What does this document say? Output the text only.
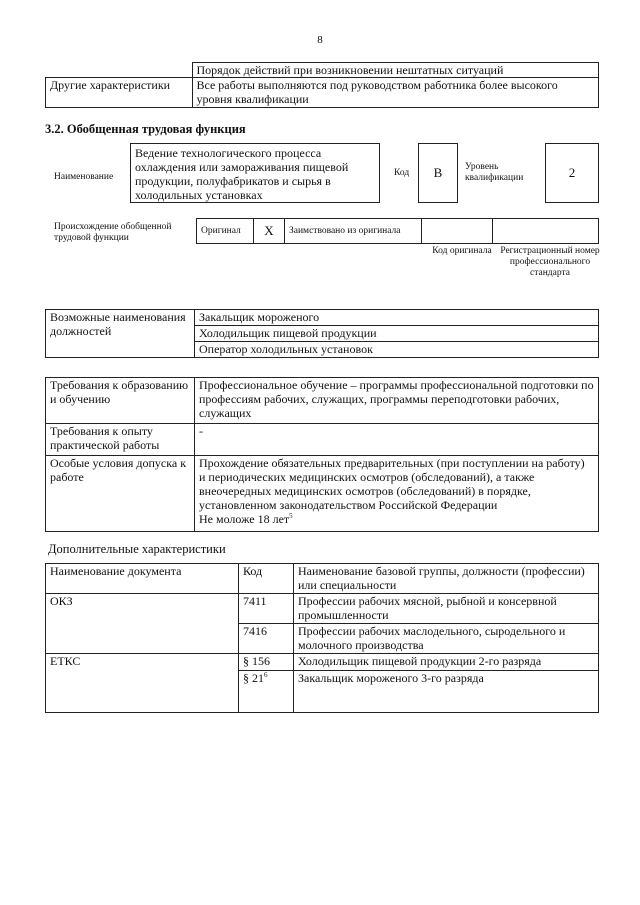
8
	Порядок действий при возникновении нештатных ситуаций
Другие характеристики	Все работы выполняются под руководством работника более высокого уровня квалификации
3.2. Обобщенная трудовая функция
Наименование
Ведение технологического процесса охлаждения или замораживания пищевой продукции, полуфабрикатов и сырья в холодильных установках
Код	B	Уровень квалификации	2
Происхождение обобщенной трудовой функции
Оригинал	X	Заимствовано из оригинала		
Код оригинала Регистрационный номер профессионального стандарта
Возможные наименования должностей	Закальщик мороженого
Холодильщик пищевой продукции
Оператор холодильных установок
Требования к образованию и обучению	Профессиональное обучение – программы профессиональной подготовки по профессиям рабочих, служащих, программы переподготовки рабочих, служащих
Требования к опыту практической работы	-
Особые условия допуска к работе	Прохождение обязательных предварительных (при поступлении на работу) и периодических медицинских осмотров (обследований), а также внеочередных медицинских осмотров (обследований) в порядке, установленном законодательством Российской Федерации
Не моложе 18 лет$^5$
Дополнительные характеристики
Наименование документа	Код	Наименование базовой группы, должности (профессии) или специальности
ОКЗ	7411	Профессии рабочих мясной, рыбной и консервной промышленности
	7416	Профессии рабочих маслодельного, сыродельного и молочного производства
ЕТКС	§ 156	Холодильщик пищевой продукции 2-го разряда
	§ $21^6$	Закальщик мороженого 3-го разряда
